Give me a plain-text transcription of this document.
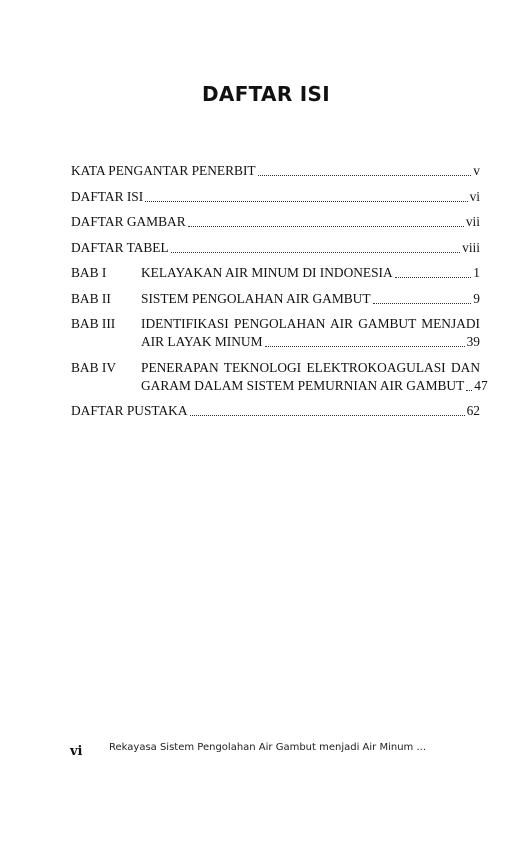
DAFTAR ISI
KATA PENGANTAR PENERBIT	v
DAFTAR ISI	vi
DAFTAR GAMBAR	vii
DAFTAR TABEL	viii
BAB I	KELAYAKAN AIR MINUM DI INDONESIA	1
BAB II	SISTEM PENGOLAHAN AIR GAMBUT	9
BAB III	IDENTIFIKASI PENGOLAHAN AIR GAMBUT MENJADI
AIR LAYAK MINUM	39
BAB IV	PENERAPAN TEKNOLOGI ELEKTROKOAGULASI DAN
GARAM DALAM SISTEM PEMURNIAN AIR GAMBUT 47
DAFTAR PUSTAKA	62
vi	Rekayasa Sistem Pengolahan Air Gambut menjadi Air Minum ...
